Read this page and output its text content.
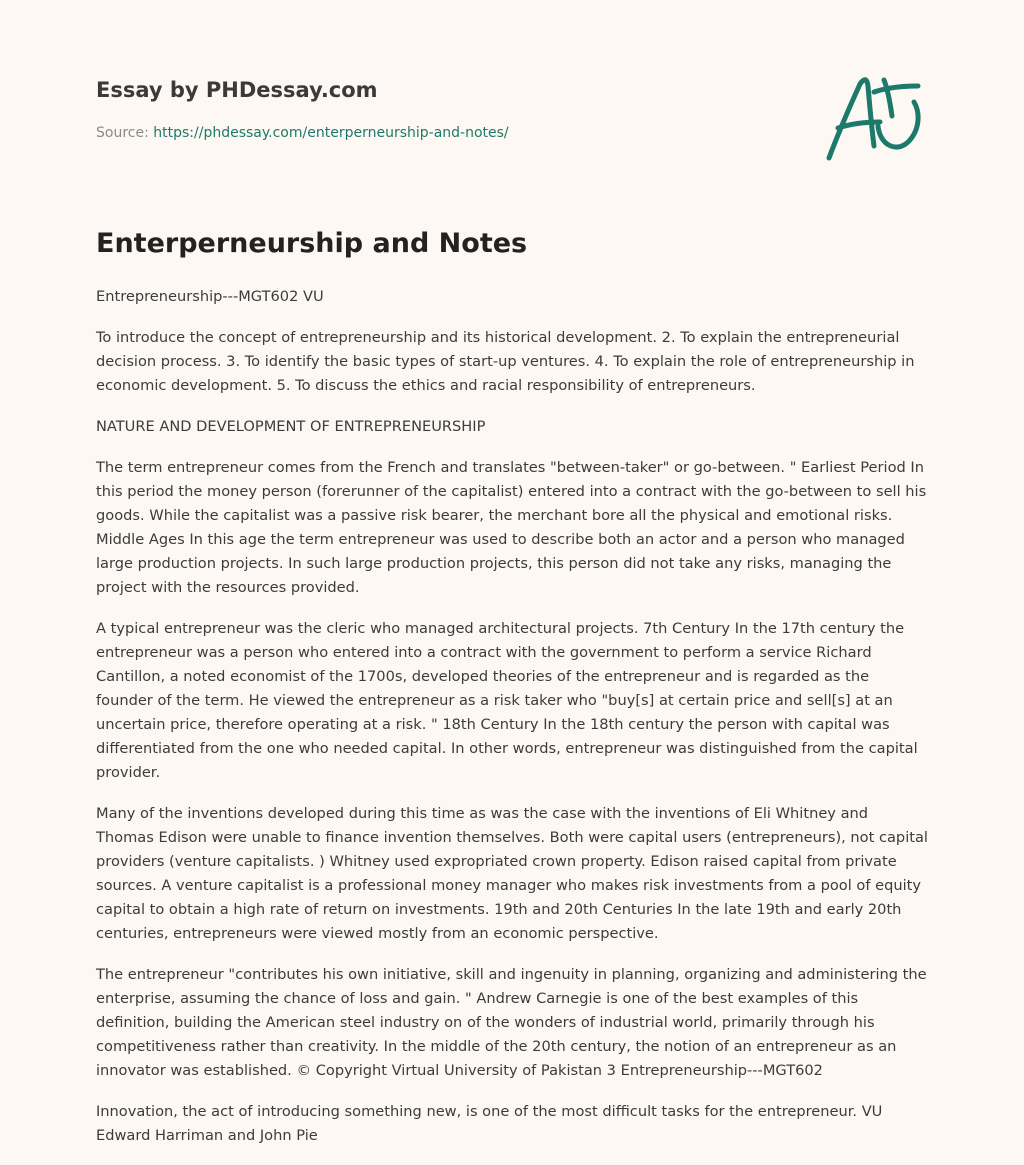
Essay by PHDessay.com
Source: https://phdessay.com/enterperneurship-and-notes/
Enterperneurship and Notes

Entrepreneurship---MGT602 VU

To introduce the concept of entrepreneurship and its historical development. 2. To explain the entrepreneurial decision process. 3. To identify the basic types of start-up ventures. 4. To explain the role of entrepreneurship in economic development. 5. To discuss the ethics and racial responsibility of entrepreneurs.

NATURE AND DEVELOPMENT OF ENTREPRENEURSHIP

The term entrepreneur comes from the French and translates "between-taker" or go-between. " Earliest Period In this period the money person (forerunner of the capitalist) entered into a contract with the go-between to sell his goods. While the capitalist was a passive risk bearer, the merchant bore all the physical and emotional risks. Middle Ages In this age the term entrepreneur was used to describe both an actor and a person who managed large production projects. In such large production projects, this person did not take any risks, managing the project with the resources provided.

A typical entrepreneur was the cleric who managed architectural projects. 7th Century In the 17th century the entrepreneur was a person who entered into a contract with the government to perform a service Richard Cantillon, a noted economist of the 1700s, developed theories of the entrepreneur and is regarded as the founder of the term. He viewed the entrepreneur as a risk taker who "buy[s] at certain price and sell[s] at an uncertain price, therefore operating at a risk. " 18th Century In the 18th century the person with capital was differentiated from the one who needed capital. In other words, entrepreneur was distinguished from the capital provider.

Many of the inventions developed during this time as was the case with the inventions of Eli Whitney and Thomas Edison were unable to finance invention themselves. Both were capital users (entrepreneurs), not capital providers (venture capitalists. ) Whitney used expropriated crown property. Edison raised capital from private sources. A venture capitalist is a professional money manager who makes risk investments from a pool of equity capital to obtain a high rate of return on investments. 19th and 20th Centuries In the late 19th and early 20th centuries, entrepreneurs were viewed mostly from an economic perspective.

The entrepreneur "contributes his own initiative, skill and ingenuity in planning, organizing and administering the enterprise, assuming the chance of loss and gain. " Andrew Carnegie is one of the best examples of this definition, building the American steel industry on of the wonders of industrial world, primarily through his competitiveness rather than creativity. In the middle of the 20th century, the notion of an entrepreneur as an innovator was established. © Copyright Virtual University of Pakistan 3 Entrepreneurship---MGT602

Innovation, the act of introducing something new, is one of the most difficult tasks for the entrepreneur. VU Edward Harriman and John Pie
